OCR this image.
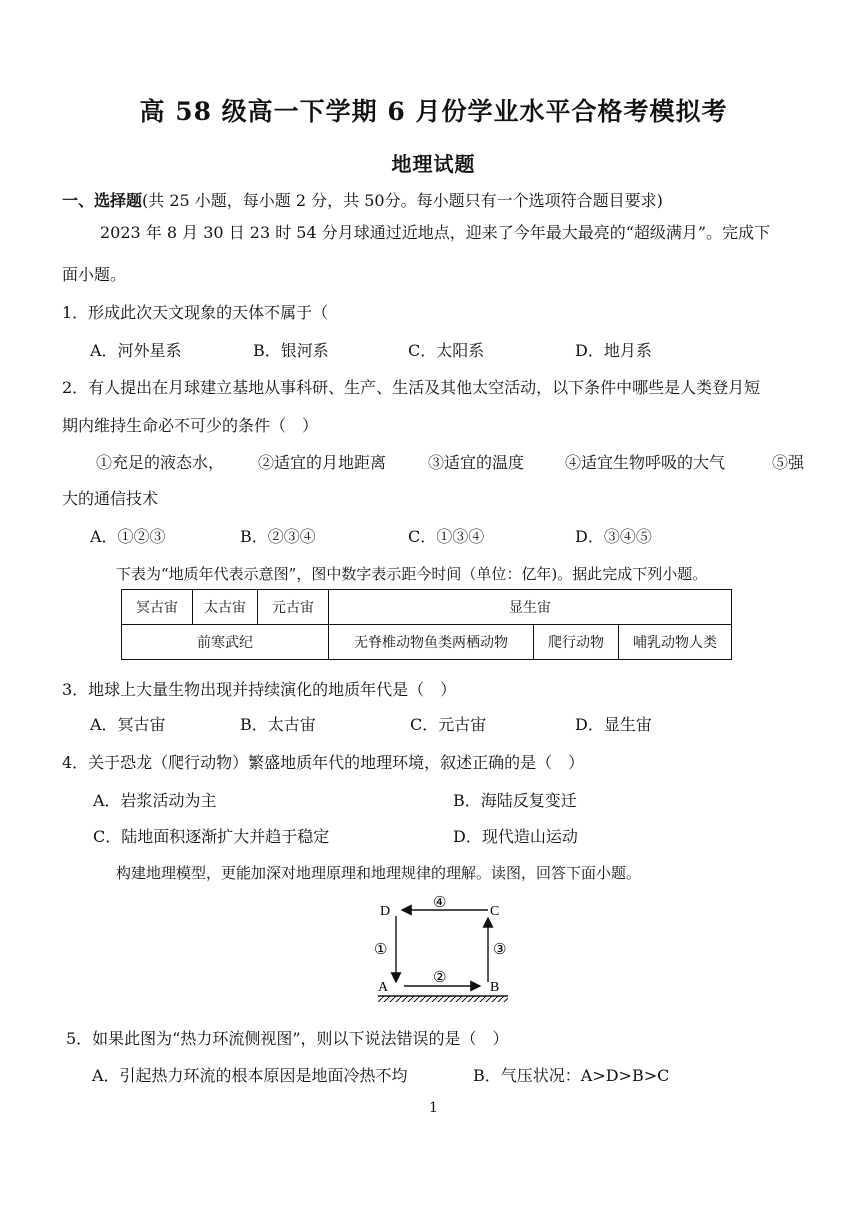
高 58 级高一下学期 6 月份学业水平合格考模拟考
地理试题
一、选择题(共 25 小题，每小题 2 分，共 50分。每小题只有一个选项符合题目要求)
2023 年 8 月 30 日 23 时 54 分月球通过近地点，迎来了今年最大最亮的“超级满月”。完成下
面小题。
1．形成此次天文现象的天体不属于（
A．河外星系	B．银河系	C．太阳系	D．地月系
2．有人提出在月球建立基地从事科研、生产、生活及其他太空活动，以下条件中哪些是人类登月短
期内维持生命必不可少的条件（　）
①充足的液态水， ②适宜的月地距离	③适宜的温度	④适宜生物呼吸的大气	⑤强
大的通信技术
A．①②③	B．②③④	C．①③④	D．③④⑤
下表为“地质年代表示意图”，图中数字表示距今时间（单位：亿年)。据此完成下列小题。
冥古宙	太古宙	元古宙	显生宙		
前寒武纪			无脊椎动物鱼类两栖动物	爬行动物	哺乳动物人类
3．地球上大量生物出现并持续演化的地质年代是（　）
A．冥古宙	B．太古宙	C．元古宙	D．显生宙
4．关于恐龙（爬行动物）繁盛地质年代的地理环境，叙述正确的是（　）
A．岩浆活动为主	B．海陆反复变迁
C．陆地面积逐渐扩大并趋于稳定	D．现代造山运动
构建地理模型，更能加深对地理原理和地理规律的理解。读图，回答下面小题。
D	C
A	B
④
①
②
③
5．如果此图为“热力环流侧视图”，则以下说法错误的是（　）
A．引起热力环流的根本原因是地面冷热不均	B．气压状况：A>D>B>C
1
